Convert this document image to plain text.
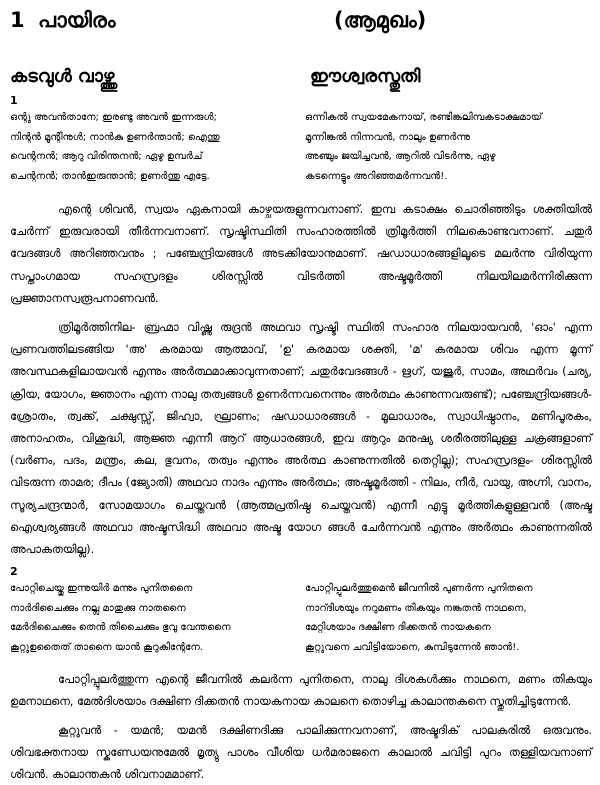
1 പായിരം	(ആമുഖം)
കടവുൾ വാഴ്ത്തു	ഈശ്വരസ്തുതി
1
ഒന്റു അവൻതാനേ; ഇരണ്ടു അവൻ ഇന്നരുൾ;
നിന്റൻ മൂന്റിനുൾ; നാൻകു ഉണർന്താൻ; ഐന്തു
വെന്റനൻ; ആറു വിരിന്തനൻ; ഏഴു ഉമ്പർച്
ചെന്റനൻ; താൻഇരുന്താൻ; ഉണർന്തു എട്ടേ.
ഒന്നികൽ സ്വയമേകനായ്, രണ്ടിങ്കലിമ്പകടാക്ഷമായ്
മൂന്നിങ്കൽ നിന്നവൻ, നാലും ഉണർന്നു
അഞ്ചും ജയിച്ചവൻ, ആറിൽ വിടർന്നു, ഏഴു
കടന്നെട്ടും അറിഞ്ഞമർന്നവൻ!.

എന്റെ ശിവൻ, സ്വയം ഏകനായി കാഴ്ചയരുളുന്നവനാണ്. ഇമ്പ കടാക്ഷം ചൊരിഞ്ഞിടും ശക്തിയിൽ ചേർന്ന് ഇരുവരായി തീർന്നവനാണ്. സൃഷ്ടിസ്ഥിതി സംഹാരത്തിൽ ത്രിമൂർത്തി നിലകൊണ്ടവനാണ്. ചതുർ വേദങ്ങൾ അറിഞ്ഞവനും ; പഞ്ചേന്ദ്രിയങ്ങൾ അടക്കിയോനുമാണ്. ഷഡാധാരങ്ങളിലൂടെ മലർന്നു വിരിയുന്ന സപ്താംഗമായ സഹസ്രദളം ശിരസ്സിൽ വിടർത്തി അഷ്ടമൂർത്തി നിലയിലമർന്നിരിക്കുന്ന പ്രജ്ഞാനസ്വരൂപനാണവൻ.

ത്രിമൂർത്തിനില- ബ്രഹ്മാ വിഷ്ണു രുദ്രൻ അഥവാ സൃഷ്ടി സ്ഥിതി സംഹാര നിലയായവൻ, 'ഓം' എന്ന പ്രണവത്തിലടങ്ങിയ 'അ' കരമായ ആത്മാവ്, 'ഉ' കരമായ ശക്തി, 'മ' കരമായ ശിവം എന്ന മൂന്ന് അവസ്ഥകളിലായവൻ എന്നും അർത്ഥമാക്കാവുന്നതാണ്; ചതുർവേദങ്ങൾ - ഋഗ്, യജുർ, സാമം, അഥർവം (ചര്യ, ക്രിയ, യോഗം, ജ്ഞാനം എന്ന നാലു തത്വങ്ങൾ ഉണർന്നവനെന്നും അർത്ഥം കാണുന്നവരുണ്ട്); പഞ്ചേന്ദ്രിയങ്ങൾ- ശ്രോതം, ത്വക്ക്, ചക്ഷുസ്സ്, ജിഹ്വാ, ഘ്രാണം; ഷഡാധാരങ്ങൾ - മൂലാധാരം, സ്വാധിഷ്ഠാനം, മണിപൂരകം, അനാഹതം, വിശുദ്ധി, ആജ്ഞ എന്നീ ആറ് ആധാരങ്ങൾ, ഇവ ആറും മനുഷ്യ ശരീരത്തിലുള്ള ചക്രങ്ങളാണ് (വർണം, പദം, മന്ത്രം, കല, ഭുവനം, തത്വം എന്നും അർത്ഥ കാണുന്നതിൽ തെറ്റില്ല); സഹസ്രദളം- ശിരസ്സിൽ വിടരുന്ന താമര; ദീപം (ജ്യോതി) അഥവാ നാദം എന്നും അർത്ഥം; അഷ്ടമൂർത്തി - നിലം, നീർ, വായു, അഗ്നി, വാനം, സൂര്യചന്ദ്രന്മാർ, സോമയാഗം ചെയ്തവൻ (ആത്മപ്രതിഷ്ഠ ചെയ്തവൻ) എന്നീ എട്ടു മൂർത്തികളുള്ളവൻ (അഷ്ട ഐശ്വര്യങ്ങൾ അഥവാ അഷ്ടസിദ്ധി അഥവാ അഷ്ട യോഗ ങ്ങൾ ചേർന്നവൻ എന്നും അർത്ഥം കാണുന്നതിൽ അപാകതയില്ല).

2
പോറ്റിചെയ്തു ഇന്നുയിർ മന്നും പുനിതനൈ
നാർദിചൈക്കും നല്ല മാതുക്കു നാതനൈ
മേർദിചൈക്കും തെൻ തിചൈക്കും ഭുവു വേന്തനൈ
കൂറ്റുഉതൈത് താനൈ യാൻ കൂറുകിന്റേനേ.
പോറ്റിപ്പുലർത്തുമെൻ ജീവനിൽ പുണർന്ന പുനിതനെ
നാറ്ദിശയും നറുമണം തികയും നങ്കതൻ നാഥനെ,
മേറ്റിശയാം ദക്ഷിണ ദിക്കതൻ നായകനെ
കൂറ്റുവനെ ചവിട്ടിയോനെ, കുമ്പിടുന്നേൻ ഞാൻ!.

പോറ്റിപ്പുലർത്തുന്ന എന്റെ ജീവനിൽ കലർന്ന പുനിതനെ, നാലു ദിശകൾക്കും നാഥനെ, മണം തികയും ഉമനാഥനെ, മേൽദിശയാം ദക്ഷിണ ദിക്കതൻ നായകനായ കാലനെ തൊഴിച്ച കാലാന്തകനെ സ്തുതിച്ചിടുന്നേൻ.

കൂറ്റുവൻ - യമൻ; യമൻ ദക്ഷിണദിക്കു പാലിക്കുന്നവനാണ്, അഷ്ടദിക് പാലകരിൽ ഒരുവനും. ശിവഭക്തനായ സ്കണ്ഡേയനുമേൽ മൃത്യു പാശം വീശിയ ധർമരാജനെ കാലാൽ ചവിട്ടി പുറം തള്ളിയവനാണ് ശിവൻ. കാലാന്തകൻ ശിവനാമമാണ്.
